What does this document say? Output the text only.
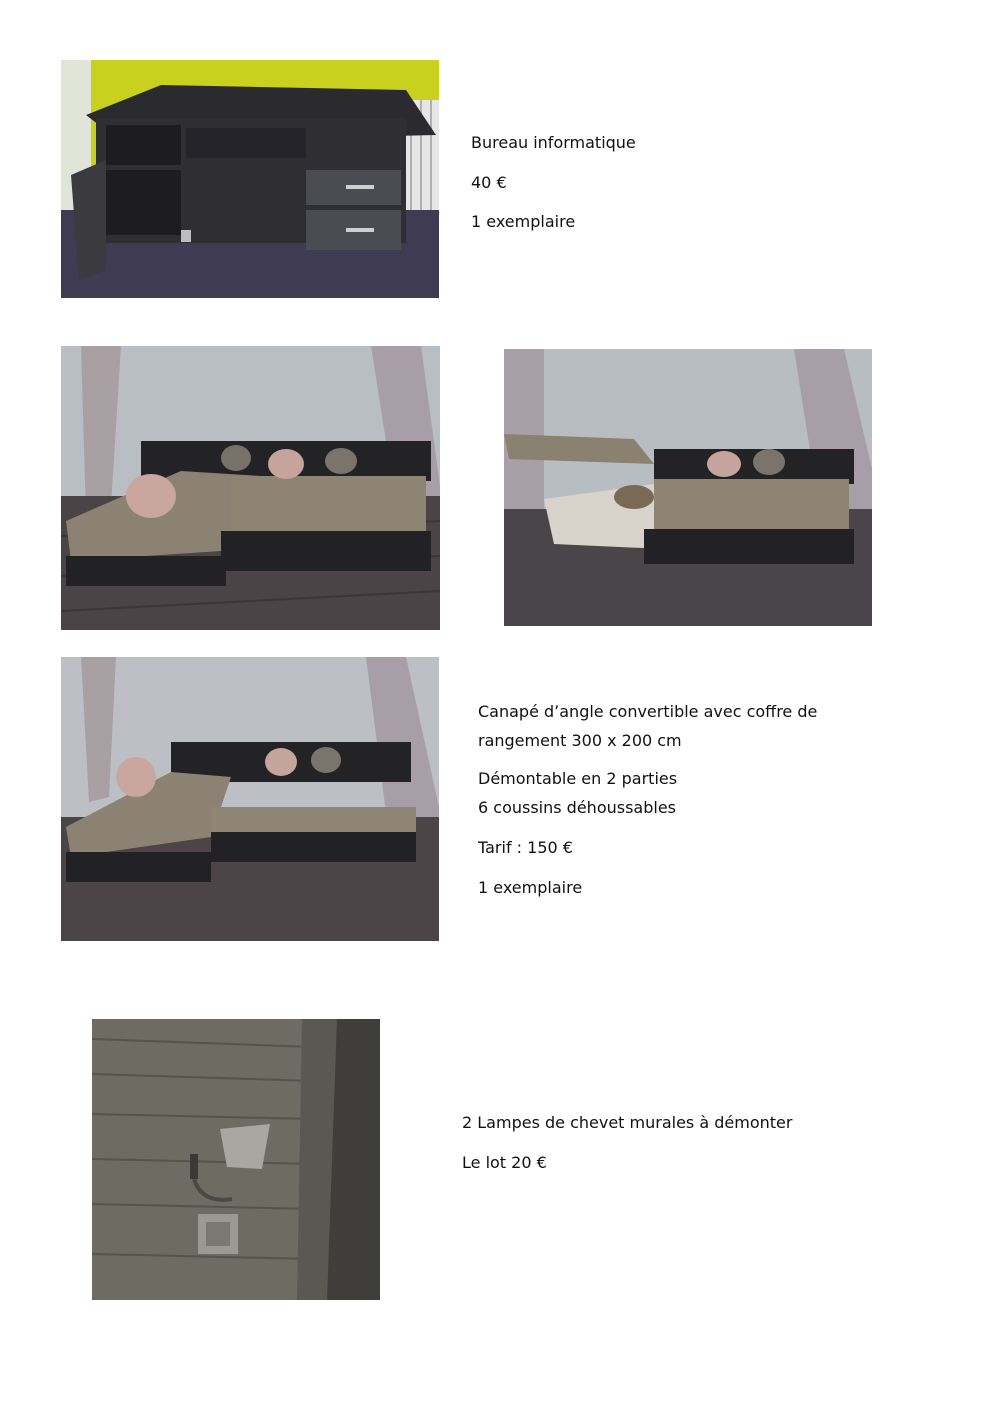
Bureau informatique
40 €
1 exemplaire
Canapé d’angle convertible avec coffre de
rangement 300 x 200 cm
Démontable en 2 parties
6 coussins déhoussables
Tarif : 150 €
1 exemplaire
2 Lampes de chevet murales à démonter
Le lot 20 €
